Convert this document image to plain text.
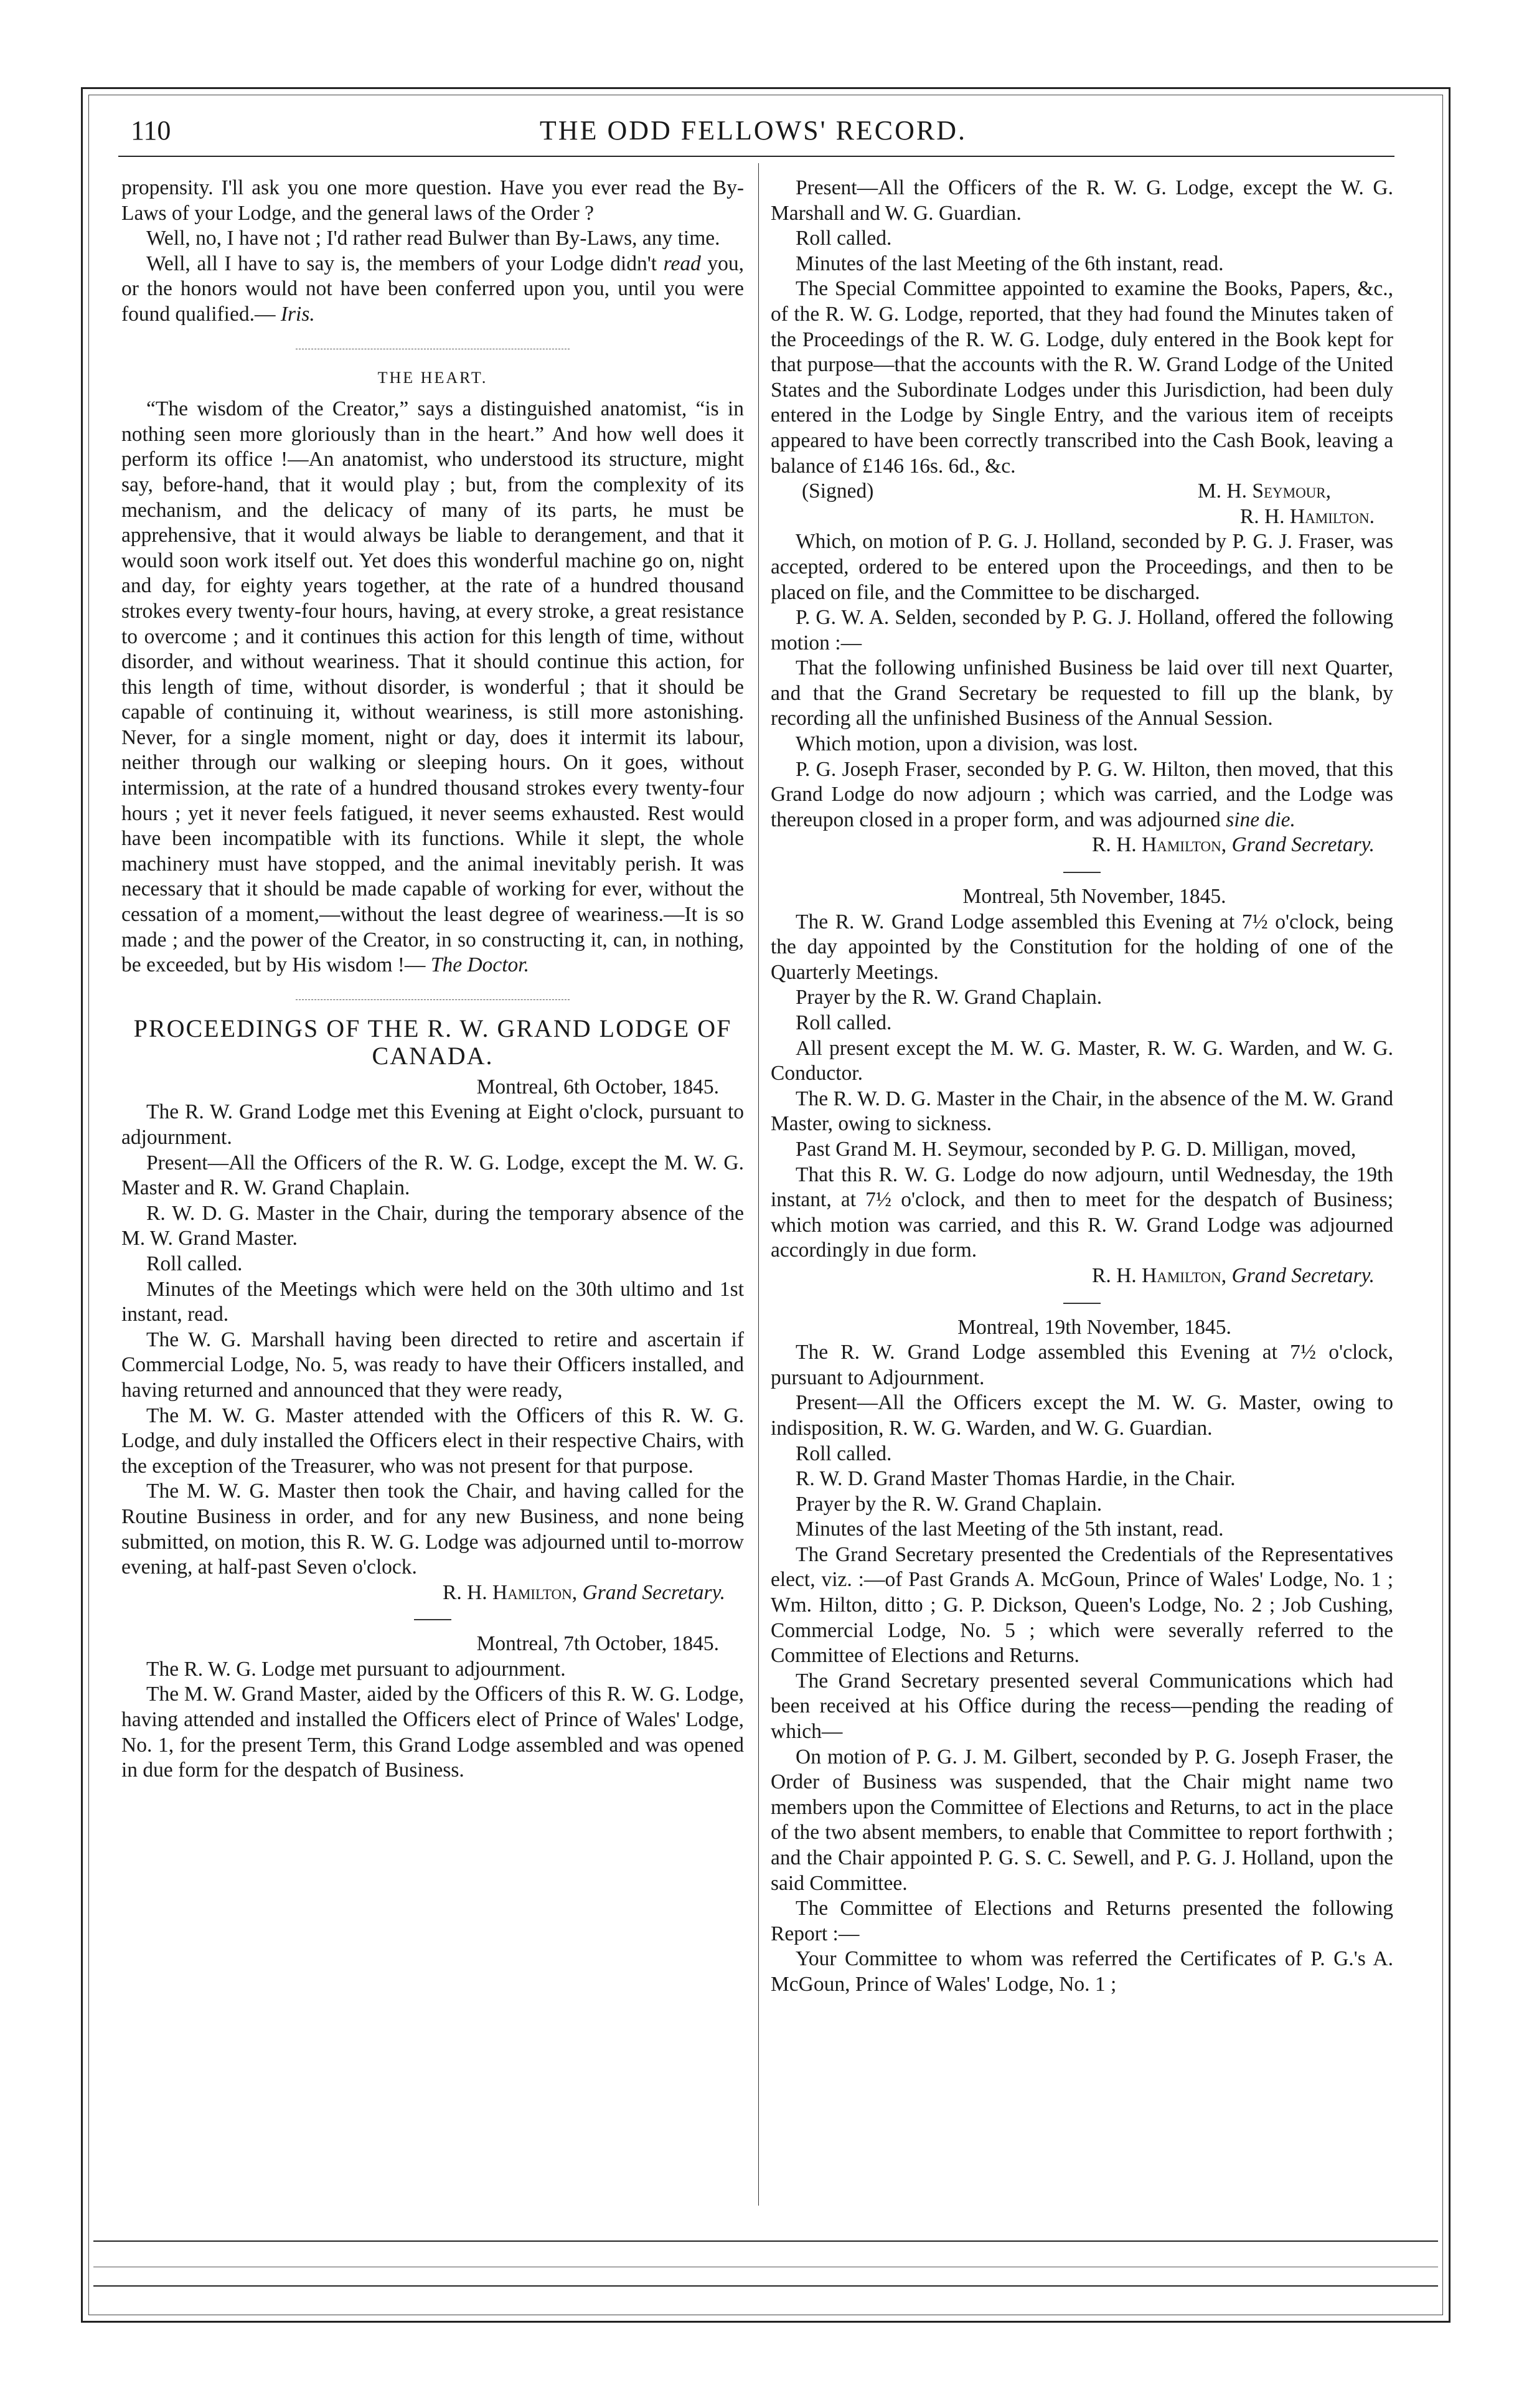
110	THE ODD FELLOWS' RECORD.

propensity. I'll ask you one more question. Have you ever read the By-Laws of your Lodge, and the general laws of the Order ?

Well, no, I have not ; I'd rather read Bulwer than By-Laws, any time.

Well, all I have to say is, the members of your Lodge didn't read you, or the honors would not have been conferred upon you, until you were found qualified.— Iris.

THE HEART.

“The wisdom of the Creator,” says a distinguished anatomist, “is in nothing seen more gloriously than in the heart.” And how well does it perform its office !—An anatomist, who understood its structure, might say, before-hand, that it would play ; but, from the complexity of its mechanism, and the delicacy of many of its parts, he must be apprehensive, that it would always be liable to derangement, and that it would soon work itself out. Yet does this wonderful machine go on, night and day, for eighty years together, at the rate of a hundred thousand strokes every twenty-four hours, having, at every stroke, a great resistance to overcome ; and it continues this action for this length of time, without disorder, and without weariness. That it should continue this action, for this length of time, without disorder, is wonderful ; that it should be capable of continuing it, without weariness, is still more astonishing. Never, for a single moment, night or day, does it intermit its labour, neither through our walking or sleeping hours. On it goes, without intermission, at the rate of a hundred thousand strokes every twenty-four hours ; yet it never feels fatigued, it never seems exhausted. Rest would have been incompatible with its functions. While it slept, the whole machinery must have stopped, and the animal inevitably perish. It was necessary that it should be made capable of working for ever, without the cessation of a moment,—without the least degree of weariness.—It is so made ; and the power of the Creator, in so constructing it, can, in nothing, be exceeded, but by His wisdom !— The Doctor.

PROCEEDINGS OF THE R. W. GRAND LODGE OF CANADA.

Montreal, 6th October, 1845.

The R. W. Grand Lodge met this Evening at Eight o'clock, pursuant to adjournment.

Present—All the Officers of the R. W. G. Lodge, except the M. W. G. Master and R. W. Grand Chaplain.

R. W. D. G. Master in the Chair, during the temporary absence of the M. W. Grand Master.

Roll called.

Minutes of the Meetings which were held on the 30th ultimo and 1st instant, read.

The W. G. Marshall having been directed to retire and ascertain if Commercial Lodge, No. 5, was ready to have their Officers installed, and having returned and announced that they were ready,

The M. W. G. Master attended with the Officers of this R. W. G. Lodge, and duly installed the Officers elect in their respective Chairs, with the exception of the Treasurer, who was not present for that purpose.

The M. W. G. Master then took the Chair, and having called for the Routine Business in order, and for any new Business, and none being submitted, on motion, this R. W. G. Lodge was adjourned until to-morrow evening, at half-past Seven o'clock.

R. H. Hamilton, Grand Secretary.

Montreal, 7th October, 1845.

The R. W. G. Lodge met pursuant to adjournment.

The M. W. Grand Master, aided by the Officers of this R. W. G. Lodge, having attended and installed the Officers elect of Prince of Wales' Lodge, No. 1, for the present Term, this Grand Lodge assembled and was opened in due form for the despatch of Business.

Present—All the Officers of the R. W. G. Lodge, except the W. G. Marshall and W. G. Guardian.

Roll called.

Minutes of the last Meeting of the 6th instant, read.

The Special Committee appointed to examine the Books, Papers, &c., of the R. W. G. Lodge, reported, that they had found the Minutes taken of the Proceedings of the R. W. G. Lodge, duly entered in the Book kept for that purpose—that the accounts with the R. W. Grand Lodge of the United States and the Subordinate Lodges under this Jurisdiction, had been duly entered in the Lodge by Single Entry, and the various item of receipts appeared to have been correctly transcribed into the Cash Book, leaving a balance of £146 16s. 6d., &c.

(Signed)	M. H. Seymour,

R. H. Hamilton.

Which, on motion of P. G. J. Holland, seconded by P. G. J. Fraser, was accepted, ordered to be entered upon the Proceedings, and then to be placed on file, and the Committee to be discharged.

P. G. W. A. Selden, seconded by P. G. J. Holland, offered the following motion :—

That the following unfinished Business be laid over till next Quarter, and that the Grand Secretary be requested to fill up the blank, by recording all the unfinished Business of the Annual Session.

Which motion, upon a division, was lost.

P. G. Joseph Fraser, seconded by P. G. W. Hilton, then moved, that this Grand Lodge do now adjourn ; which was carried, and the Lodge was thereupon closed in a proper form, and was adjourned sine die.

R. H. Hamilton, Grand Secretary.

Montreal, 5th November, 1845.

The R. W. Grand Lodge assembled this Evening at 7½ o'clock, being the day appointed by the Constitution for the holding of one of the Quarterly Meetings.

Prayer by the R. W. Grand Chaplain.

Roll called.

All present except the M. W. G. Master, R. W. G. Warden, and W. G. Conductor.

The R. W. D. G. Master in the Chair, in the absence of the M. W. Grand Master, owing to sickness.

Past Grand M. H. Seymour, seconded by P. G. D. Milligan, moved,

That this R. W. G. Lodge do now adjourn, until Wednesday, the 19th instant, at 7½ o'clock, and then to meet for the despatch of Business; which motion was carried, and this R. W. Grand Lodge was adjourned accordingly in due form.

R. H. Hamilton, Grand Secretary.

Montreal, 19th November, 1845.

The R. W. Grand Lodge assembled this Evening at 7½ o'clock, pursuant to Adjournment.

Present—All the Officers except the M. W. G. Master, owing to indisposition, R. W. G. Warden, and W. G. Guardian.

Roll called.

R. W. D. Grand Master Thomas Hardie, in the Chair.

Prayer by the R. W. Grand Chaplain.

Minutes of the last Meeting of the 5th instant, read.

The Grand Secretary presented the Credentials of the Representatives elect, viz. :—of Past Grands A. McGoun, Prince of Wales' Lodge, No. 1 ; Wm. Hilton, ditto ; G. P. Dickson, Queen's Lodge, No. 2 ; Job Cushing, Commercial Lodge, No. 5 ; which were severally referred to the Committee of Elections and Returns.

The Grand Secretary presented several Communications which had been received at his Office during the recess—pending the reading of which—

On motion of P. G. J. M. Gilbert, seconded by P. G. Joseph Fraser, the Order of Business was suspended, that the Chair might name two members upon the Committee of Elections and Returns, to act in the place of the two absent members, to enable that Committee to report forthwith ; and the Chair appointed P. G. S. C. Sewell, and P. G. J. Holland, upon the said Committee.

The Committee of Elections and Returns presented the following Report :—

Your Committee to whom was referred the Certificates of P. G.'s A. McGoun, Prince of Wales' Lodge, No. 1 ;
